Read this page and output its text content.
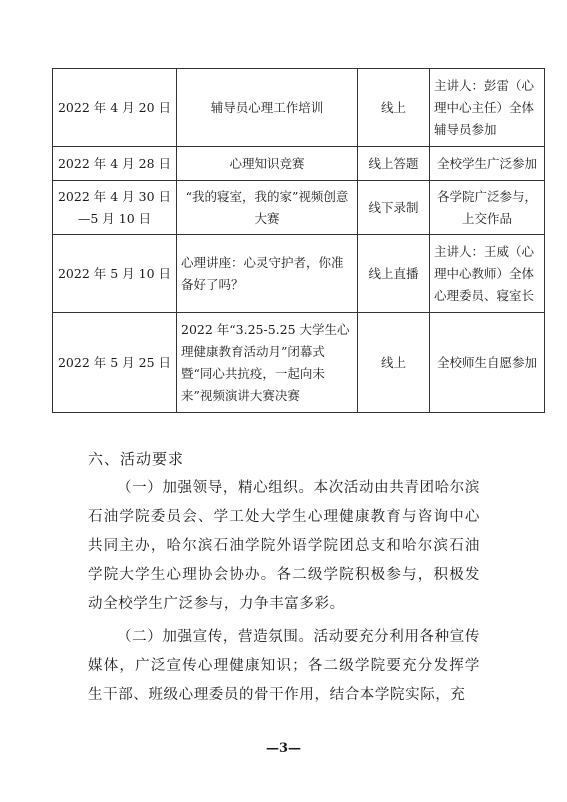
2022 年 4 月 20 日	辅导员心理工作培训	线上	主讲人：彭雷（心理中心主任）全体辅导员参加
2022 年 4 月 28 日	心理知识竞赛	线上答题	全校学生广泛参加
2022 年 4 月 30 日—5 月 10 日	“我的寝室，我的家”视频创意大赛	线下录制	各学院广泛参与，上交作品
2022 年 5 月 10 日	心理讲座：心灵守护者，你准备好了吗？	线上直播	主讲人：王威（心理中心教师）全体心理委员、寝室长
2022 年 5 月 25 日	2022 年“3.25-5.25 大学生心理健康教育活动月”闭幕式暨“同心共抗疫，一起向未来”视频演讲大赛决赛	线上	全校师生自愿参加
六、活动要求

（一）加强领导，精心组织。本次活动由共青团哈尔滨石油学院委员会、学工处大学生心理健康教育与咨询中心共同主办，哈尔滨石油学院外语学院团总支和哈尔滨石油学院大学生心理协会协办。各二级学院积极参与，积极发动全校学生广泛参与，力争丰富多彩。

（二）加强宣传，营造氛围。活动要充分利用各种宣传媒体，广泛宣传心理健康知识；各二级学院要充分发挥学生干部、班级心理委员的骨干作用，结合本学院实际，充

—3—
